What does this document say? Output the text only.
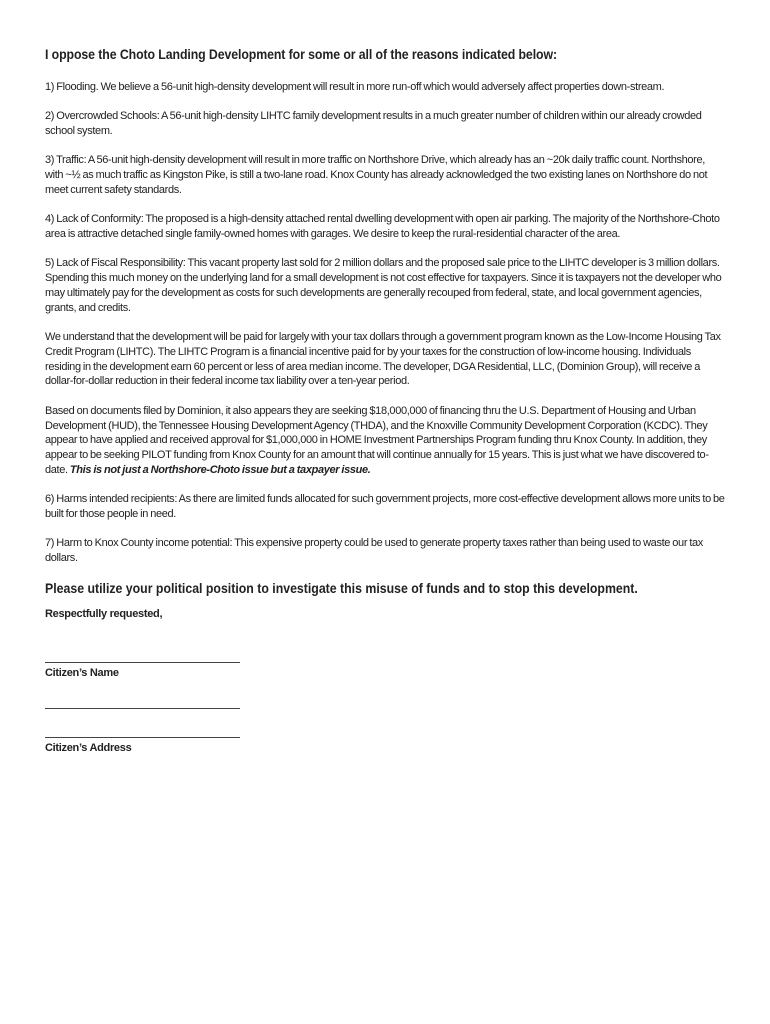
I oppose the Choto Landing Development for some or all of the reasons indicated below:

1) Flooding. We believe a 56-unit high-density development will result in more run-off which would adversely affect properties down-stream.

2) Overcrowded Schools: A 56-unit high-density LIHTC family development results in a much greater number of children within our already crowded school system.

3) Traffic: A 56-unit high-density development will result in more traffic on Northshore Drive, which already has an ~20k daily traffic count. Northshore, with ~½ as much traffic as Kingston Pike, is still a two-lane road. Knox County has already acknowledged the two existing lanes on Northshore do not meet current safety standards.

4) Lack of Conformity: The proposed is a high-density attached rental dwelling development with open air parking. The majority of the Northshore-Choto area is attractive detached single family-owned homes with garages. We desire to keep the rural-residential character of the area.

5) Lack of Fiscal Responsibility: This vacant property last sold for 2 million dollars and the proposed sale price to the LIHTC developer is 3 million dollars. Spending this much money on the underlying land for a small development is not cost effective for taxpayers. Since it is taxpayers not the developer who may ultimately pay for the development as costs for such developments are generally recouped from federal, state, and local government agencies, grants, and credits.

We understand that the development will be paid for largely with your tax dollars through a government program known as the Low-Income Housing Tax Credit Program (LIHTC). The LIHTC Program is a financial incentive paid for by your taxes for the construction of low-income housing. Individuals residing in the development earn 60 percent or less of area median income. The developer, DGA Residential, LLC, (Dominion Group), will receive a dollar-for-dollar reduction in their federal income tax liability over a ten-year period.

Based on documents filed by Dominion, it also appears they are seeking $18,000,000 of financing thru the U.S. Department of Housing and Urban Development (HUD), the Tennessee Housing Development Agency (THDA), and the Knoxville Community Development Corporation (KCDC). They appear to have applied and received approval for $1,000,000 in HOME Investment Partnerships Program funding thru Knox County. In addition, they appear to be seeking PILOT funding from Knox County for an amount that will continue annually for 15 years. This is just what we have discovered to-date. This is not just a Northshore-Choto issue but a taxpayer issue.

6) Harms intended recipients: As there are limited funds allocated for such government projects, more cost-effective development allows more units to be built for those people in need.

7) Harm to Knox County income potential: This expensive property could be used to generate property taxes rather than being used to waste our tax dollars.

Please utilize your political position to investigate this misuse of funds and to stop this development.

Respectfully requested,

Citizen’s Name

Citizen’s Address
